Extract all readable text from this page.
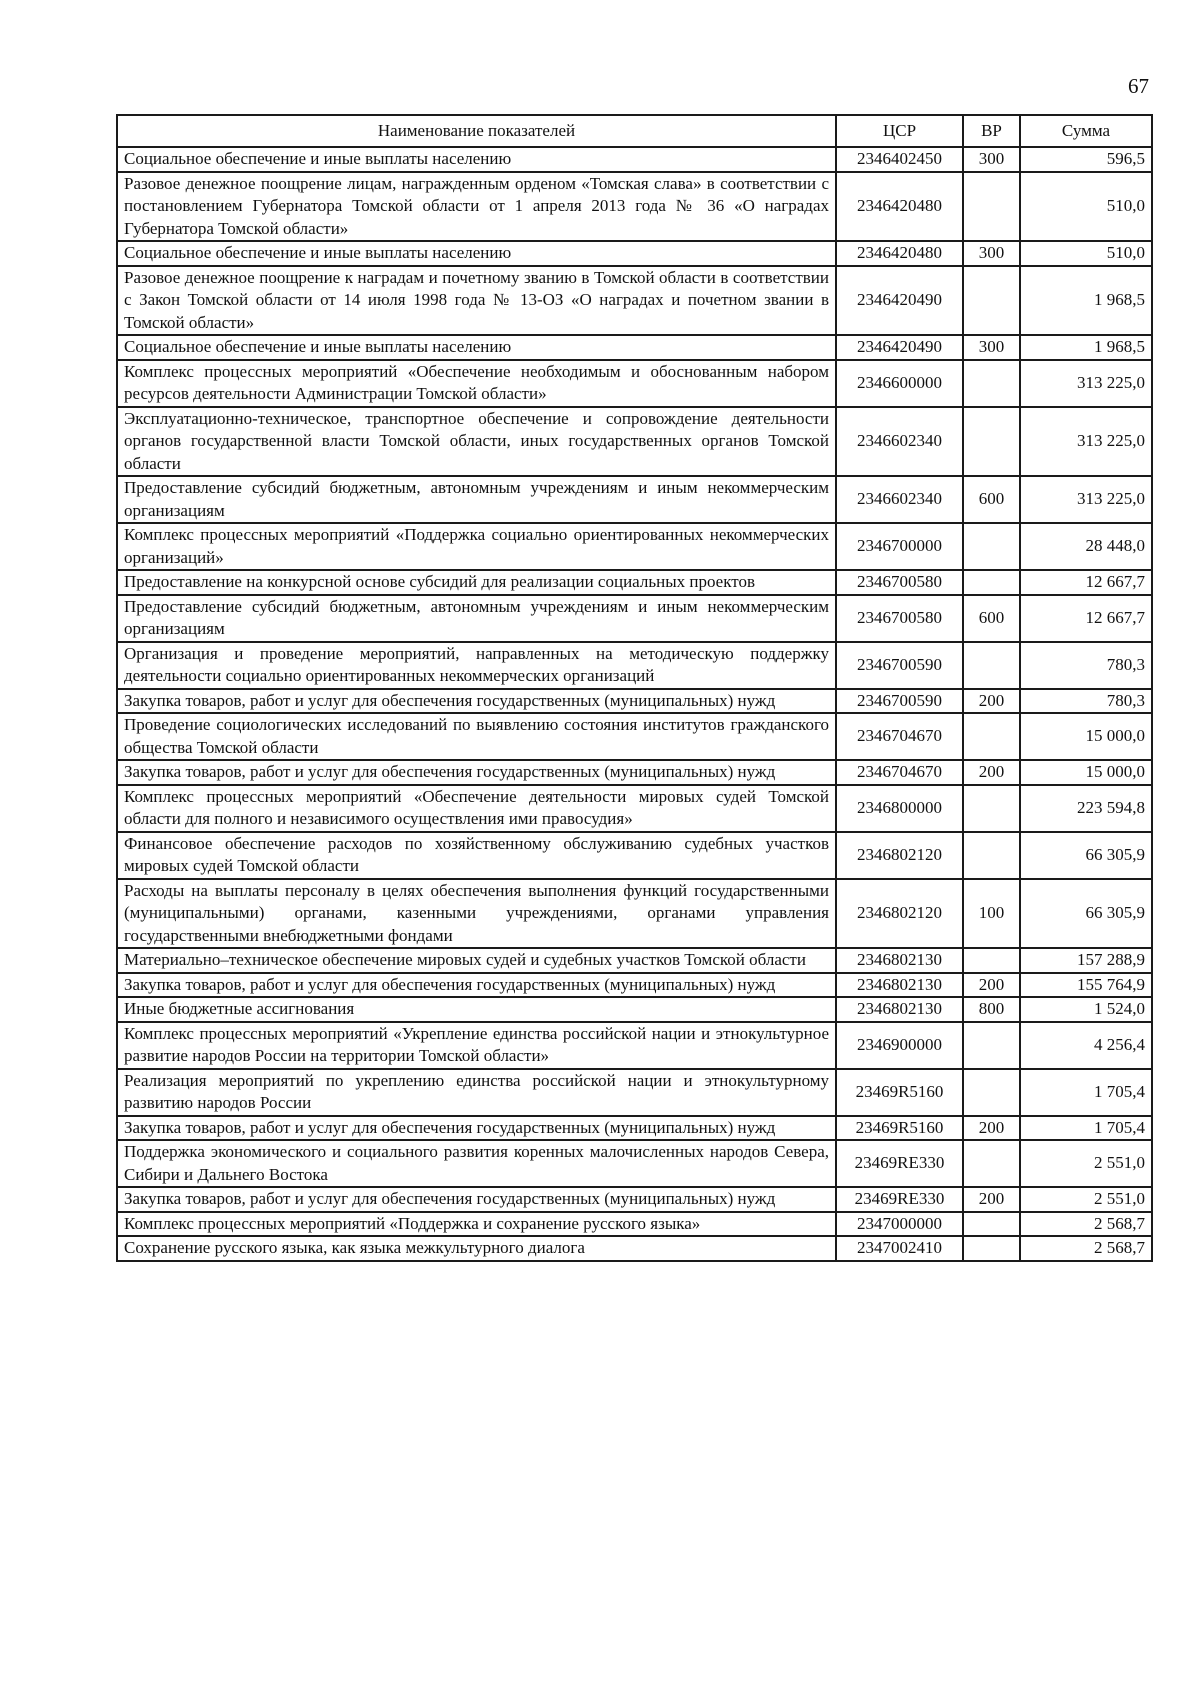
67
Наименование показателей	ЦСР	ВР	Сумма
Социальное обеспечение и иные выплаты населению	2346402450	300	596,5
Разовое денежное поощрение лицам, награжденным орденом «Томская слава» в соответствии с постановлением Губернатора Томской области от 1 апреля 2013 года № 36 «О наградах Губернатора Томской области»	2346420480		510,0
Социальное обеспечение и иные выплаты населению	2346420480	300	510,0
Разовое денежное поощрение к наградам и почетному званию в Томской области в соответствии с Закон Томской области от 14 июля 1998 года № 13-ОЗ «О наградах и почетном звании в Томской области»	2346420490		1 968,5
Социальное обеспечение и иные выплаты населению	2346420490	300	1 968,5
Комплекс процессных мероприятий «Обеспечение необходимым и обоснованным набором ресурсов деятельности Администрации Томской области»	2346600000		313 225,0
Эксплуатационно-техническое, транспортное обеспечение и сопровождение деятельности органов государственной власти Томской области, иных государственных органов Томской области	2346602340		313 225,0
Предоставление субсидий бюджетным, автономным учреждениям и иным некоммерческим организациям	2346602340	600	313 225,0
Комплекс процессных мероприятий «Поддержка социально ориентированных некоммерческих организаций»	2346700000		28 448,0
Предоставление на конкурсной основе субсидий для реализации социальных проектов	2346700580		12 667,7
Предоставление субсидий бюджетным, автономным учреждениям и иным некоммерческим организациям	2346700580	600	12 667,7
Организация и проведение мероприятий, направленных на методическую поддержку деятельности социально ориентированных некоммерческих организаций	2346700590		780,3
Закупка товаров, работ и услуг для обеспечения государственных (муниципальных) нужд	2346700590	200	780,3
Проведение социологических исследований по выявлению состояния институтов гражданского общества Томской области	2346704670		15 000,0
Закупка товаров, работ и услуг для обеспечения государственных (муниципальных) нужд	2346704670	200	15 000,0
Комплекс процессных мероприятий «Обеспечение деятельности мировых судей Томской области для полного и независимого осуществления ими правосудия»	2346800000		223 594,8
Финансовое обеспечение расходов по хозяйственному обслуживанию судебных участков мировых судей Томской области	2346802120		66 305,9
Расходы на выплаты персоналу в целях обеспечения выполнения функций государственными (муниципальными) органами, казенными учреждениями, органами управления государственными внебюджетными фондами	2346802120	100	66 305,9
Материально–техническое обеспечение мировых судей и судебных участков Томской области	2346802130		157 288,9
Закупка товаров, работ и услуг для обеспечения государственных (муниципальных) нужд	2346802130	200	155 764,9
Иные бюджетные ассигнования	2346802130	800	1 524,0
Комплекс процессных мероприятий «Укрепление единства российской нации и этнокультурное развитие народов России на территории Томской области»	2346900000		4 256,4
Реализация мероприятий по укреплению единства российской нации и этнокультурному развитию народов России	23469R5160		1 705,4
Закупка товаров, работ и услуг для обеспечения государственных (муниципальных) нужд	23469R5160	200	1 705,4
Поддержка экономического и социального развития коренных малочисленных народов Севера, Сибири и Дальнего Востока	23469RE330		2 551,0
Закупка товаров, работ и услуг для обеспечения государственных (муниципальных) нужд	23469RE330	200	2 551,0
Комплекс процессных мероприятий «Поддержка и сохранение русского языка»	2347000000		2 568,7
Сохранение русского языка, как языка межкультурного диалога	2347002410		2 568,7
